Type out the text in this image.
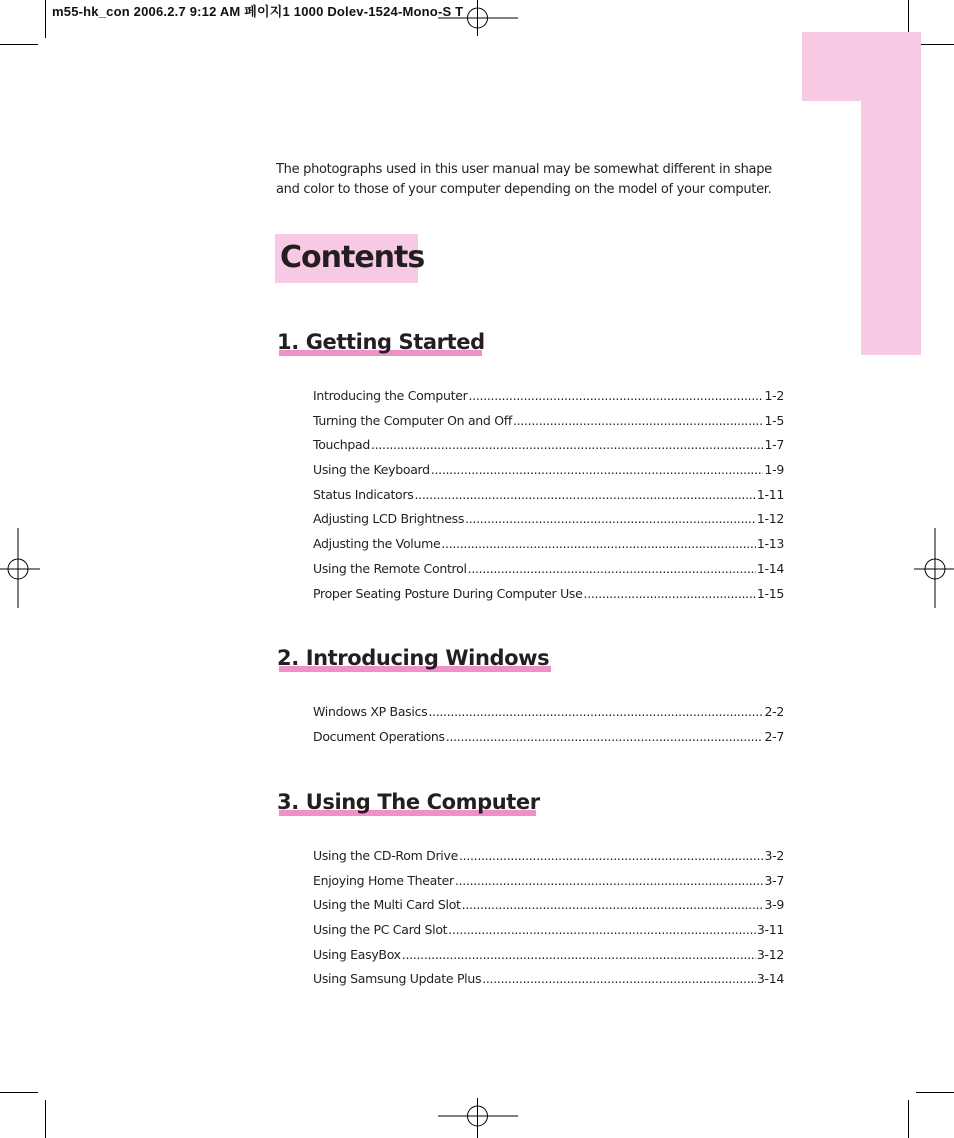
m55-hk_con 2006.2.7 9:12 AM 페이지1 1000 Dolev-1524-Mono-S T
The photographs used in this user manual may be somewhat different in shape and color to those of your computer depending on the model of your computer.
Contents
1. Getting Started
Introducing the Computer .....	1-2
Turning the Computer On and Off .....	1-5
Touchpad .....	1-7
Using the Keyboard .....	1-9
Status Indicators .....	1-11
Adjusting LCD Brightness .....	1-12
Adjusting the Volume .....	1-13
Using the Remote Control .....	1-14
Proper Seating Posture During Computer Use .....	1-15
2. Introducing Windows
Windows XP Basics .....	2-2
Document Operations .....	2-7
3. Using The Computer
Using the CD-Rom Drive .....	3-2
Enjoying Home Theater .....	3-7
Using the Multi Card Slot .....	3-9
Using the PC Card Slot .....	3-11
Using EasyBox .....	3-12
Using Samsung Update Plus .....	3-14
